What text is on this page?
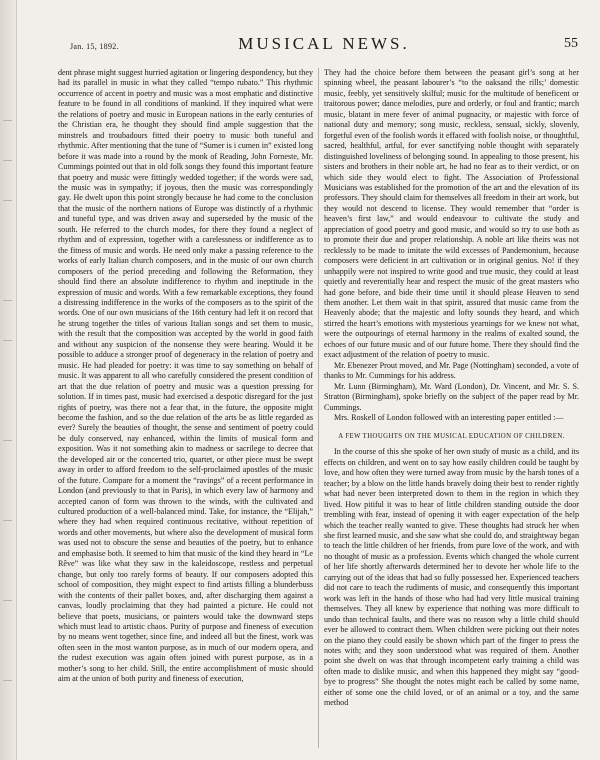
Jan. 15, 1892.	MUSICAL NEWS.	55

dent phrase might suggest hurried agitation or lingering despondency, but they had its parallel in music in what they called “tempo rubato.” This rhythmic occurrence of accent in poetry and music was a most emphatic and distinctive feature to be found in all conditions of mankind. If they inquired what were the relations of poetry and music in European nations in the early centuries of the Christian era, he thought they should find ample suggestion that the minstrels and troubadours fitted their poetry to music both tuneful and rhythmic. After mentioning that the tune of “Sumer is i cumen in” existed long before it was made into a round by the monk of Reading, John Forneste, Mr. Cummings pointed out that in old folk songs they found this important feature that poetry and music were fittingly wedded together; if the words were sad, the music was in sympathy; if joyous, then the music was correspondingly gay. He dwelt upon this point strongly because he had come to the conclusion that the music of the northern nations of Europe was distinctly of a rhythmic and tuneful type, and was driven away and superseded by the music of the south. He referred to the church modes, for there they found a neglect of rhythm and of expression, together with a carelessness or indifference as to the fitness of music and words. He need only make a passing reference to the works of early Italian church composers, and in the music of our own church composers of the period preceding and following the Reformation, they should find there an absolute indifference to rhythm and ineptitude in the expression of music and words. With a few remarkable exceptions, they found a distressing indifference in the works of the composers as to the spirit of the words. One of our own musicians of the 16th century had left it on record that he strung together the titles of various Italian songs and set them to music, with the result that the composition was accepted by the world in good faith and without any suspicion of the nonsense they were hearing. Would it be possible to adduce a stronger proof of degeneracy in the relation of poetry and music. He had pleaded for poetry: it was time to say something on behalf of music. It was apparent to all who carefully considered the present condition of art that the due relation of poetry and music was a question pressing for solution. If in times past, music had exercised a despotic disregard for the just rights of poetry, was there not a fear that, in the future, the opposite might become the fashion, and so the due relation of the arts be as little regarded as ever? Surely the beauties of thought, the sense and sentiment of poetry could be duly conserved, nay enhanced, within the limits of musical form and exposition. Was it not something akin to madness or sacrilege to decree that the developed air or the concerted trio, quartet, or other piece must be swept away in order to afford freedom to the self-proclaimed apostles of the music of the future. Compare for a moment the “ravings” of a recent performance in London (and previously to that in Paris), in which every law of harmony and accepted canon of form was thrown to the winds, with the cultivated and cultured production of a well-balanced mind. Take, for instance, the “Elijah,” where they had when required continuous recitative, without repetition of words and other movements, but where also the development of musical form was used not to obscure the sense and beauties of the poetry, but to enhance and emphasise both. It seemed to him that music of the kind they heard in “Le Rêve” was like what they saw in the kaleidoscope, restless and perpetual change, but only too rarely forms of beauty. If our composers adopted this school of composition, they might expect to find artists filling a blunderbuss with the contents of their pallet boxes, and, after discharging them against a canvas, loudly proclaiming that they had painted a picture. He could not believe that poets, musicians, or painters would take the downward steps which must lead to artistic chaos. Purity of purpose and fineness of execution by no means went together, since fine, and indeed all but the finest, work was often seen in the most wanton purpose, as in much of our modern opera, and the rudest execution was again often joined with purest purpose, as in a mother’s song to her child. Still, the entire accomplishment of music should aim at the union of both purity and fineness of execution,

They had the choice before them between the peasant girl’s song at her spinning wheel, the peasant labourer’s “to the oaksand the rills;’ domestic music, feebly, yet sensitively skilful; music for the multitude of beneficent or traitorous power; dance melodies, pure and orderly, or foul and frantic; march music, blatant in mere fever of animal pugnacity, or majestic with force of national duty and memory; song music, reckless, sensual, sickly, slovenly, forgetful even of the foolish words it effaced with foolish noise, or thoughtful, sacred, healthful, artful, for ever sanctifying noble thought with separately distinguished loveliness of belonging sound. In appealing to those present, his sisters and brothers in their noble art, he had no fear as to their verdict, or on which side they would elect to fight. The Association of Professional Musicians was established for the promotion of the art and the elevation of its professors. They should claim for themselves all freedom in their art work, but they would not descend to license. They would remember that “order is heaven’s first law,” and would endeavour to cultivate the study and appreciation of good poetry and good music, and would so try to use both as to promote their due and proper relationship. A noble art like theirs was not recklessly to be made to imitate the wild excesses of Pandemonium, because composers were deficient in art cultivation or in original genius. No! if they unhappily were not inspired to write good and true music, they could at least quietly and reverentially hear and respect the music of the great masters who had gone before, and bide their time until it should please Heaven to send them another. Let them wait in that spirit, assured that music came from the Heavenly abode; that the majestic and lofty sounds they heard, and which stirred the heart’s emotions with mysterious yearnings for we knew not what, were the outpourings of eternal harmony in the realms of exalted sound, the echoes of our future music and of our future home. There they should find the exact adjustment of the relation of poetry to music.

Mr. Ebenezer Prout moved, and Mr. Page (Nottingham) seconded, a vote of thanks to Mr. Cummings for his address.

Mr. Lunn (Birmingham), Mr. Ward (London), Dr. Vincent, and Mr. S. S. Stratton (Birmingham), spoke briefly on the subject of the paper read by Mr. Cummings.

Mrs. Roskell of London followed with an interesting paper entitled :—

A FEW THOUGHTS ON THE MUSICAL EDUCATION OF CHILDREN.

In the course of this she spoke of her own study of music as a child, and its effects on children, and went on to say how easily children could be taught by love, and how often they were turned away from music by the harsh tones of a teacher; by a blow on the little hands bravely doing their best to render rightly what had never been interpreted down to them in the region in which they lived. How pitiful it was to hear of little children standing outside the door trembling with fear, instead of opening it with eager expectation of the help which the teacher really wanted to give. These thoughts had struck her when she first learned music, and she saw what she could do, and straightway began to teach the little children of her friends, from pure love of the work, and with no thought of music as a profession. Events which changed the whole current of her life shortly afterwards determined her to devote her whole life to the carrying out of the ideas that had so fully possessed her. Experienced teachers did not care to teach the rudiments of music, and consequently this important work was left in the hands of those who had had very little musical training themselves. They all knew by experience that nothing was more difficult to undo than technical faults, and there was no reason why a little child should ever be allowed to contract them. When children were picking out their notes on the piano they could easily be shown which part of the finger to press the notes with; and they soon understood what was required of them. Another point she dwelt on was that through incompetent early training a child was often made to dislike music, and when this happened they might say “good-bye to progress” She thought the notes might each be called by some name, either of some one the child loved, or of an animal or a toy, and the same method
